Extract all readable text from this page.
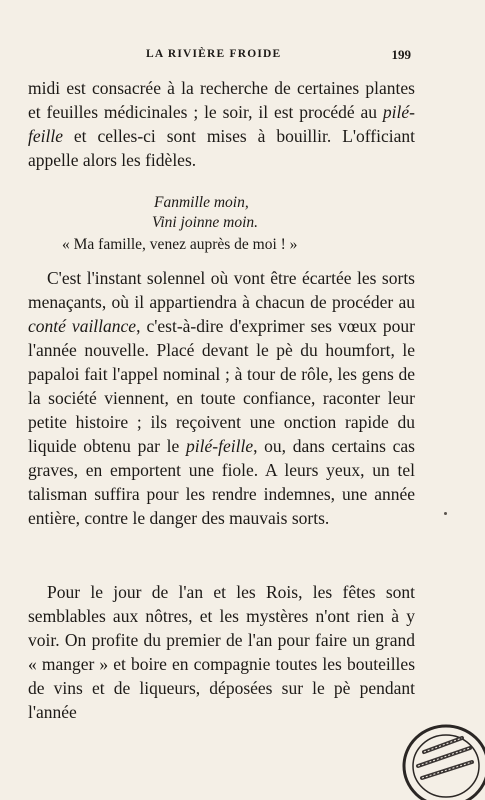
LA RIVIÈRE FROIDE	199
midi est consacrée à la recherche de certaines plantes et feuilles médicinales ; le soir, il est procédé au pilé-feille et celles-ci sont mises à bouillir. L'officiant appelle alors les fidèles.
Fanmille moin,
Vini joinne moin.
« Ma famille, venez auprès de moi ! »
C'est l'instant solennel où vont être écartée les sorts menaçants, où il appartiendra à chacun de procéder au conté vaillance, c'est-à-dire d'exprimer ses vœux pour l'année nouvelle. Placé devant le pè du houmfort, le papaloi fait l'appel nominal ; à tour de rôle, les gens de la société viennent, en toute confiance, raconter leur petite histoire ; ils reçoivent une onction rapide du liquide obtenu par le pilé-feille, ou, dans certains cas graves, en emportent une fiole. A leurs yeux, un tel talisman suffira pour les rendre indemnes, une année entière, contre le danger des mauvais sorts.
Pour le jour de l'an et les Rois, les fêtes sont semblables aux nôtres, et les mystères n'ont rien à y voir. On profite du premier de l'an pour faire un grand « manger » et boire en compagnie toutes les bouteilles de vins et de liqueurs, déposées sur le pè pendant l'année
